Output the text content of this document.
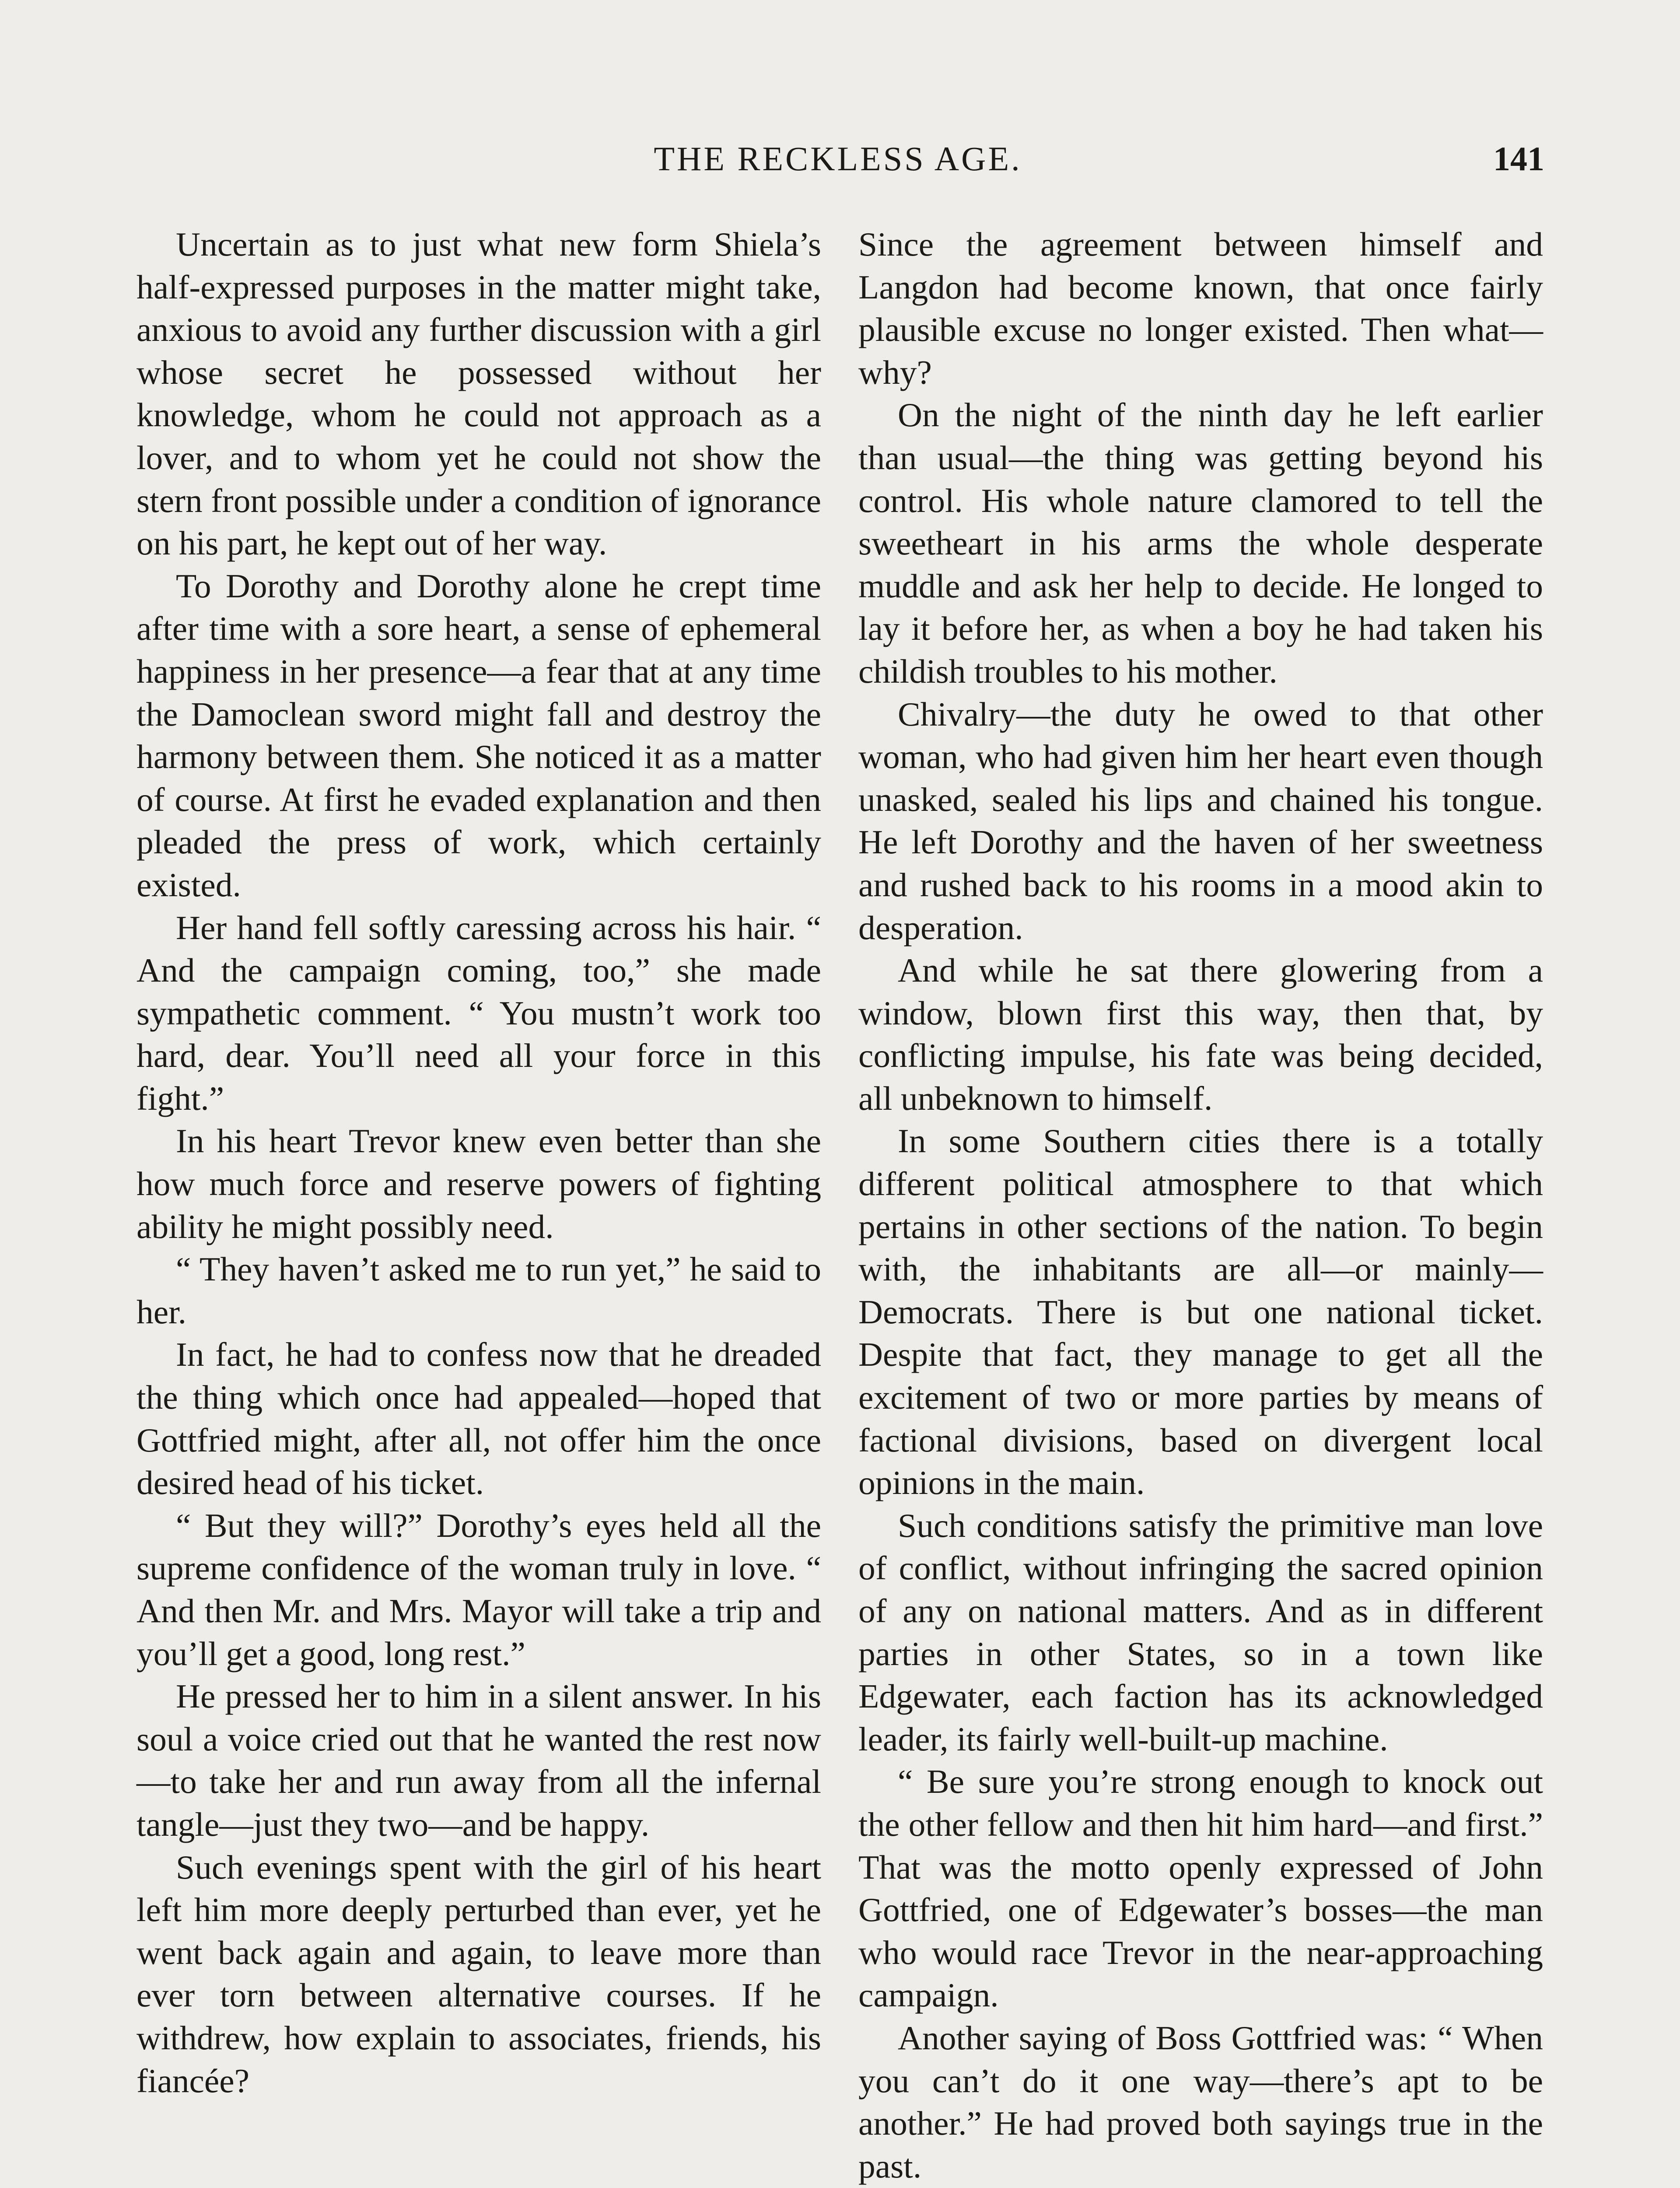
THE RECKLESS AGE.	141

Uncertain as to just what new form Shiela’s half-expressed purposes in the matter might take, anxious to avoid any further discussion with a girl whose secret he possessed without her knowledge, whom he could not approach as a lover, and to whom yet he could not show the stern front possible under a condition of ignorance on his part, he kept out of her way.

To Dorothy and Dorothy alone he crept time after time with a sore heart, a sense of ephemeral happiness in her presence—a fear that at any time the Damoclean sword might fall and destroy the harmony between them. She noticed it as a matter of course. At first he evaded explanation and then pleaded the press of work, which certainly existed.

Her hand fell softly caressing across his hair. “ And the campaign coming, too,” she made sympathetic comment. “ You mustn’t work too hard, dear. You’ll need all your force in this fight.”

In his heart Trevor knew even better than she how much force and reserve powers of fighting ability he might possibly need.

“ They haven’t asked me to run yet,” he said to her.

In fact, he had to confess now that he dreaded the thing which once had appealed—hoped that Gottfried might, after all, not offer him the once desired head of his ticket.

“ But they will?” Dorothy’s eyes held all the supreme confidence of the woman truly in love. “ And then Mr. and Mrs. Mayor will take a trip and you’ll get a good, long rest.”

He pressed her to him in a silent answer. In his soul a voice cried out that he wanted the rest now—to take her and run away from all the infernal tangle—just they two—and be happy.

Such evenings spent with the girl of his heart left him more deeply perturbed than ever, yet he went back again and again, to leave more than ever torn between alternative courses. If he withdrew, how explain to associates, friends, his fiancée?

Since the agreement between himself and Langdon had become known, that once fairly plausible excuse no longer existed. Then what—why?

On the night of the ninth day he left earlier than usual—the thing was getting beyond his control. His whole nature clamored to tell the sweetheart in his arms the whole desperate muddle and ask her help to decide. He longed to lay it before her, as when a boy he had taken his childish troubles to his mother.

Chivalry—the duty he owed to that other woman, who had given him her heart even though unasked, sealed his lips and chained his tongue. He left Dorothy and the haven of her sweetness and rushed back to his rooms in a mood akin to desperation.

And while he sat there glowering from a window, blown first this way, then that, by conflicting impulse, his fate was being decided, all unbeknown to himself.

In some Southern cities there is a totally different political atmosphere to that which pertains in other sections of the nation. To begin with, the inhabitants are all—or mainly—Democrats. There is but one national ticket. Despite that fact, they manage to get all the excitement of two or more parties by means of factional divisions, based on divergent local opinions in the main.

Such conditions satisfy the primitive man love of conflict, without infringing the sacred opinion of any on national matters. And as in different parties in other States, so in a town like Edgewater, each faction has its acknowledged leader, its fairly well-built-up machine.

“ Be sure you’re strong enough to knock out the other fellow and then hit him hard—and first.” That was the motto openly expressed of John Gottfried, one of Edgewater’s bosses—the man who would race Trevor in the near-approaching campaign.

Another saying of Boss Gottfried was: “ When you can’t do it one way—there’s apt to be another.” He had proved both sayings true in the past.
